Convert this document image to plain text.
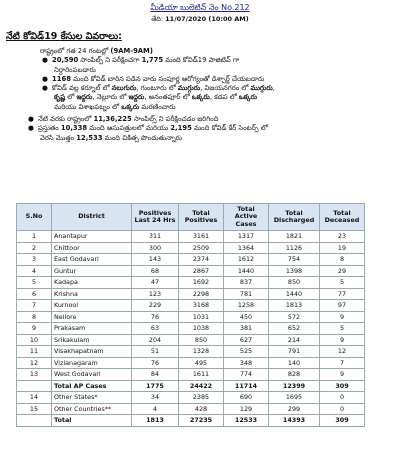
మీడియా బులెటిన్ నెం No.212
తేది: 11/07/2020 (10:00 AM)
నేటి కోవిడ్19 కేసుల వివరాలు:
రాష్ట్రంలో గత 24 గంటల్లో (9AM-9AM)
● 20,590 సాంపిల్స్ ని పరీక్షించగా 1,775 మంది కోవిడ్19 పాజిటివ్ గా
నిర్ధారింపబడారు
● 1168 మంది కోవిడ్ బారిన పడిన వారు సంపూర్ణ ఆరోగ్యంతో డిశ్చార్జ్ చేయబడారు
● కోవిడ్ వల్ల కర్నూల్ లో నలుగురు, గుంటూరు లో ముగ్గురు, విజయనగరం లో ముగ్గురు,
కృష్ణ లో ఇద్దరు, నెల్లూరు లో ఇద్దరు, అనంతపూర్ లో ఒక్కరు, కడప లో ఒక్కరు
మరియు విశాఖపట్నం లో ఒక్కరు మరణించారు
● నేటి వరకు రాష్ట్రంలో 11,36,225 సాంపిల్స్ ని పరీక్షించడం జరిగింది
● ప్రస్తుతం 10,338 మంది ఆసుపత్రులలో మరియు 2,195 మంది కోవిడ్ కేర్ సెంటర్స్ లో
వెరసి మొత్తం 12,533 మంది చికిత్స పొందుతున్నారు
S.No	District	Positives Last 24 Hrs	Total Positives	Total Active Cases	Total Discharged	Total Deceased
1	Anantapur	311	3161	1317	1821	23
2	Chittoor	300	2509	1364	1126	19
3	East Godavari	143	2374	1612	754	8
4	Guntur	68	2867	1440	1398	29
5	Kadapa	47	1692	837	850	5
6	Krishna	123	2298	781	1440	77
7	Kurnool	229	3168	1258	1813	97
8	Nellore	76	1031	450	572	9
9	Prakasam	63	1038	381	652	5
10	Srikakulam	204	850	627	214	9
11	Visakhapatnam	51	1328	525	791	12
12	Vizianagaram	76	495	348	140	7
13	West Godavari	84	1611	774	828	9
	Total AP Cases	1775	24422	11714	12399	309
14	Other States*	34	2385	690	1695	0
15	Other Countries**	4	428	129	299	0
	Total	1813	27235	12533	14393	309
